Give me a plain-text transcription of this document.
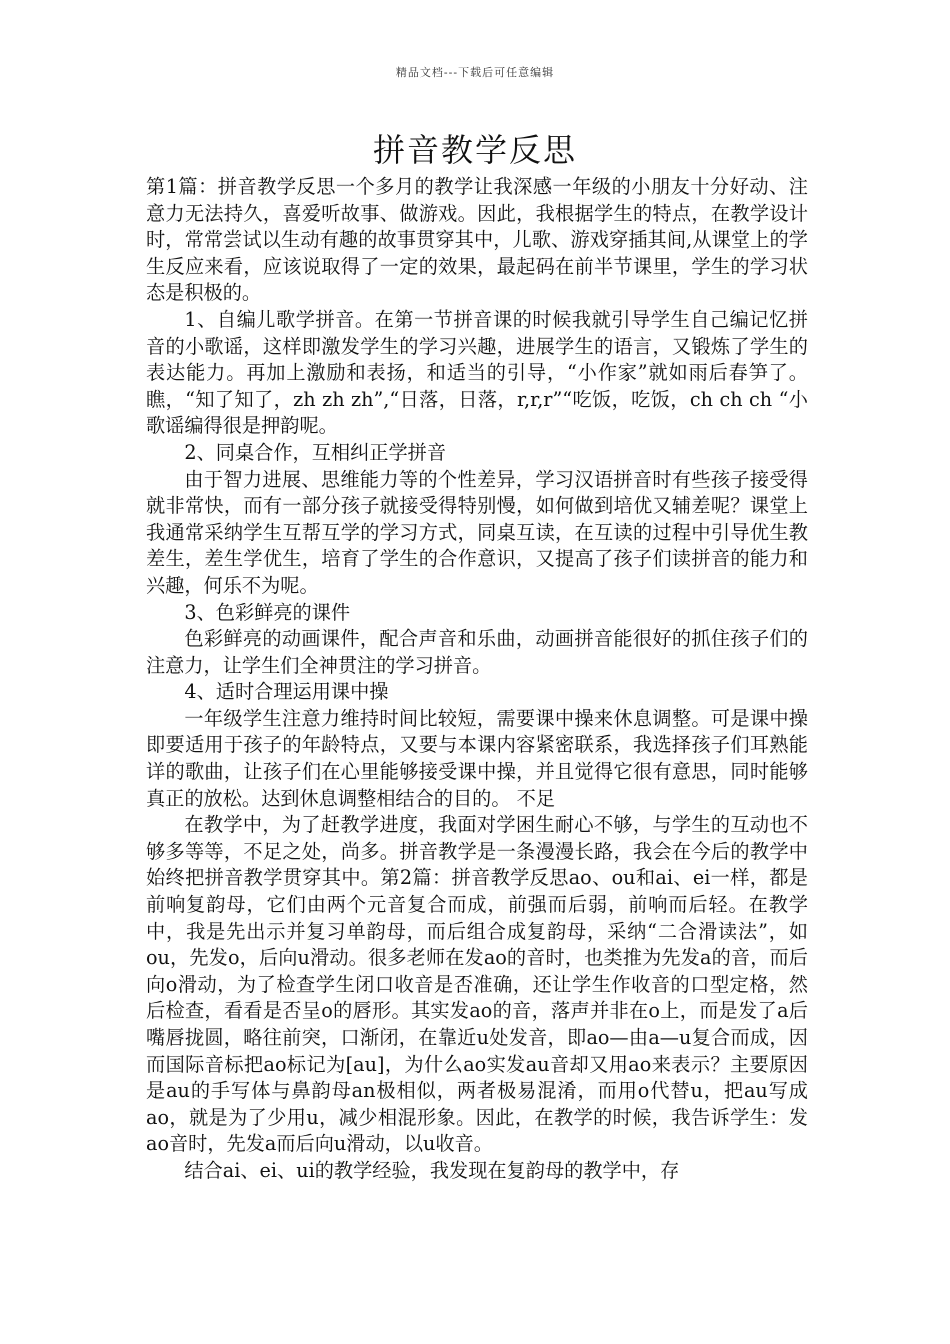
精品文档---下载后可任意编辑
拼音教学反思

第1篇：拼音教学反思一个多月的教学让我深感一年级的小朋友十分好动、注意力无法持久，喜爱听故事、做游戏。因此，我根据学生的特点，在教学设计时，常常尝试以生动有趣的故事贯穿其中，儿歌、游戏穿插其间,从课堂上的学生反应来看，应该说取得了一定的效果，最起码在前半节课里，学生的学习状态是积极的。

1、自编儿歌学拼音。在第一节拼音课的时候我就引导学生自己编记忆拼音的小歌谣，这样即激发学生的学习兴趣，进展学生的语言，又锻炼了学生的表达能力。再加上激励和表扬，和适当的引导，“小作家”就如雨后春笋了。瞧，“知了知了，zh zh zh”,“日落，日落，r,r,r”“吃饭，吃饭，ch ch ch “小歌谣编得很是押韵呢。

2、同桌合作，互相纠正学拼音

由于智力进展、思维能力等的个性差异，学习汉语拼音时有些孩子接受得就非常快，而有一部分孩子就接受得特别慢，如何做到培优又辅差呢？课堂上我通常采纳学生互帮互学的学习方式，同桌互读，在互读的过程中引导优生教差生，差生学优生，培育了学生的合作意识，又提高了孩子们读拼音的能力和兴趣，何乐不为呢。

3、色彩鲜亮的课件

色彩鲜亮的动画课件，配合声音和乐曲，动画拼音能很好的抓住孩子们的注意力，让学生们全神贯注的学习拼音。

4、适时合理运用课中操

一年级学生注意力维持时间比较短，需要课中操来休息调整。可是课中操即要适用于孩子的年龄特点，又要与本课内容紧密联系，我选择孩子们耳熟能详的歌曲，让孩子们在心里能够接受课中操，并且觉得它很有意思，同时能够真正的放松。达到休息调整相结合的目的。 不足

在教学中，为了赶教学进度，我面对学困生耐心不够，与学生的互动也不够多等等，不足之处，尚多。拼音教学是一条漫漫长路，我会在今后的教学中始终把拼音教学贯穿其中。第2篇：拼音教学反思ao、ou和ai、ei一样，都是前响复韵母，它们由两个元音复合而成，前强而后弱，前响而后轻。在教学中，我是先出示并复习单韵母，而后组合成复韵母，采纳“二合滑读法”，如ou，先发o，后向u滑动。很多老师在发ao的音时，也类推为先发a的音，而后向o滑动，为了检查学生闭口收音是否准确，还让学生作收音的口型定格，然后检查，看看是否呈o的唇形。其实发ao的音，落声并非在o上，而是发了a后嘴唇拢圆，略往前突，口渐闭，在靠近u处发音，即ao—由a—u复合而成，因而国际音标把ao标记为[au]，为什么ao实发au音却又用ao来表示？主要原因是au的手写体与鼻韵母an极相似，两者极易混淆，而用o代替u，把au写成ao，就是为了少用u，减少相混形象。因此，在教学的时候，我告诉学生：发ao音时，先发a而后向u滑动，以u收音。

结合ai、ei、ui的教学经验，我发现在复韵母的教学中，存
